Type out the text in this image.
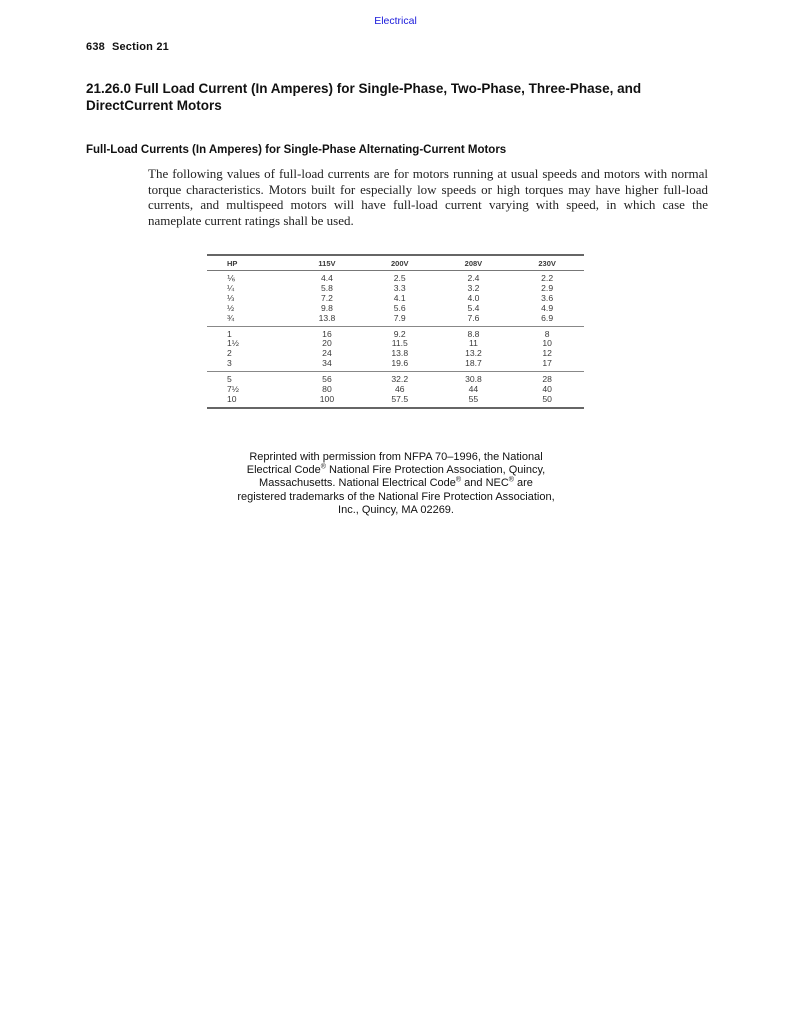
Electrical
638 Section 21
21.26.0 Full Load Current (In Amperes) for Single-Phase, Two-Phase, Three-Phase, and DirectCurrent Motors
Full-Load Currents (In Amperes) for Single-Phase Alternating-Current Motors

The following values of full-load currents are for motors running at usual speeds and motors with normal torque characteristics. Motors built for especially low speeds or high torques may have higher full-load currents, and multispeed motors will have full-load current varying with speed, in which case the nameplate current ratings shall be used.

HP	115V	200V	208V	230V
⅙	4.4	2.5	2.4	2.2
¼	5.8	3.3	3.2	2.9
⅓	7.2	4.1	4.0	3.6
½	9.8	5.6	5.4	4.9
¾	13.8	7.9	7.6	6.9
1	16	9.2	8.8	8
1½	20	11.5	11	10
2	24	13.8	13.2	12
3	34	19.6	18.7	17
5	56	32.2	30.8	28
7½	80	46	44	40
10	100	57.5	55	50
Reprinted with permission from NFPA 70–1996, the National
Electrical Code® National Fire Protection Association, Quincy,
Massachusetts. National Electrical Code® and NEC® are
registered trademarks of the National Fire Protection Association,
Inc., Quincy, MA 02269.
